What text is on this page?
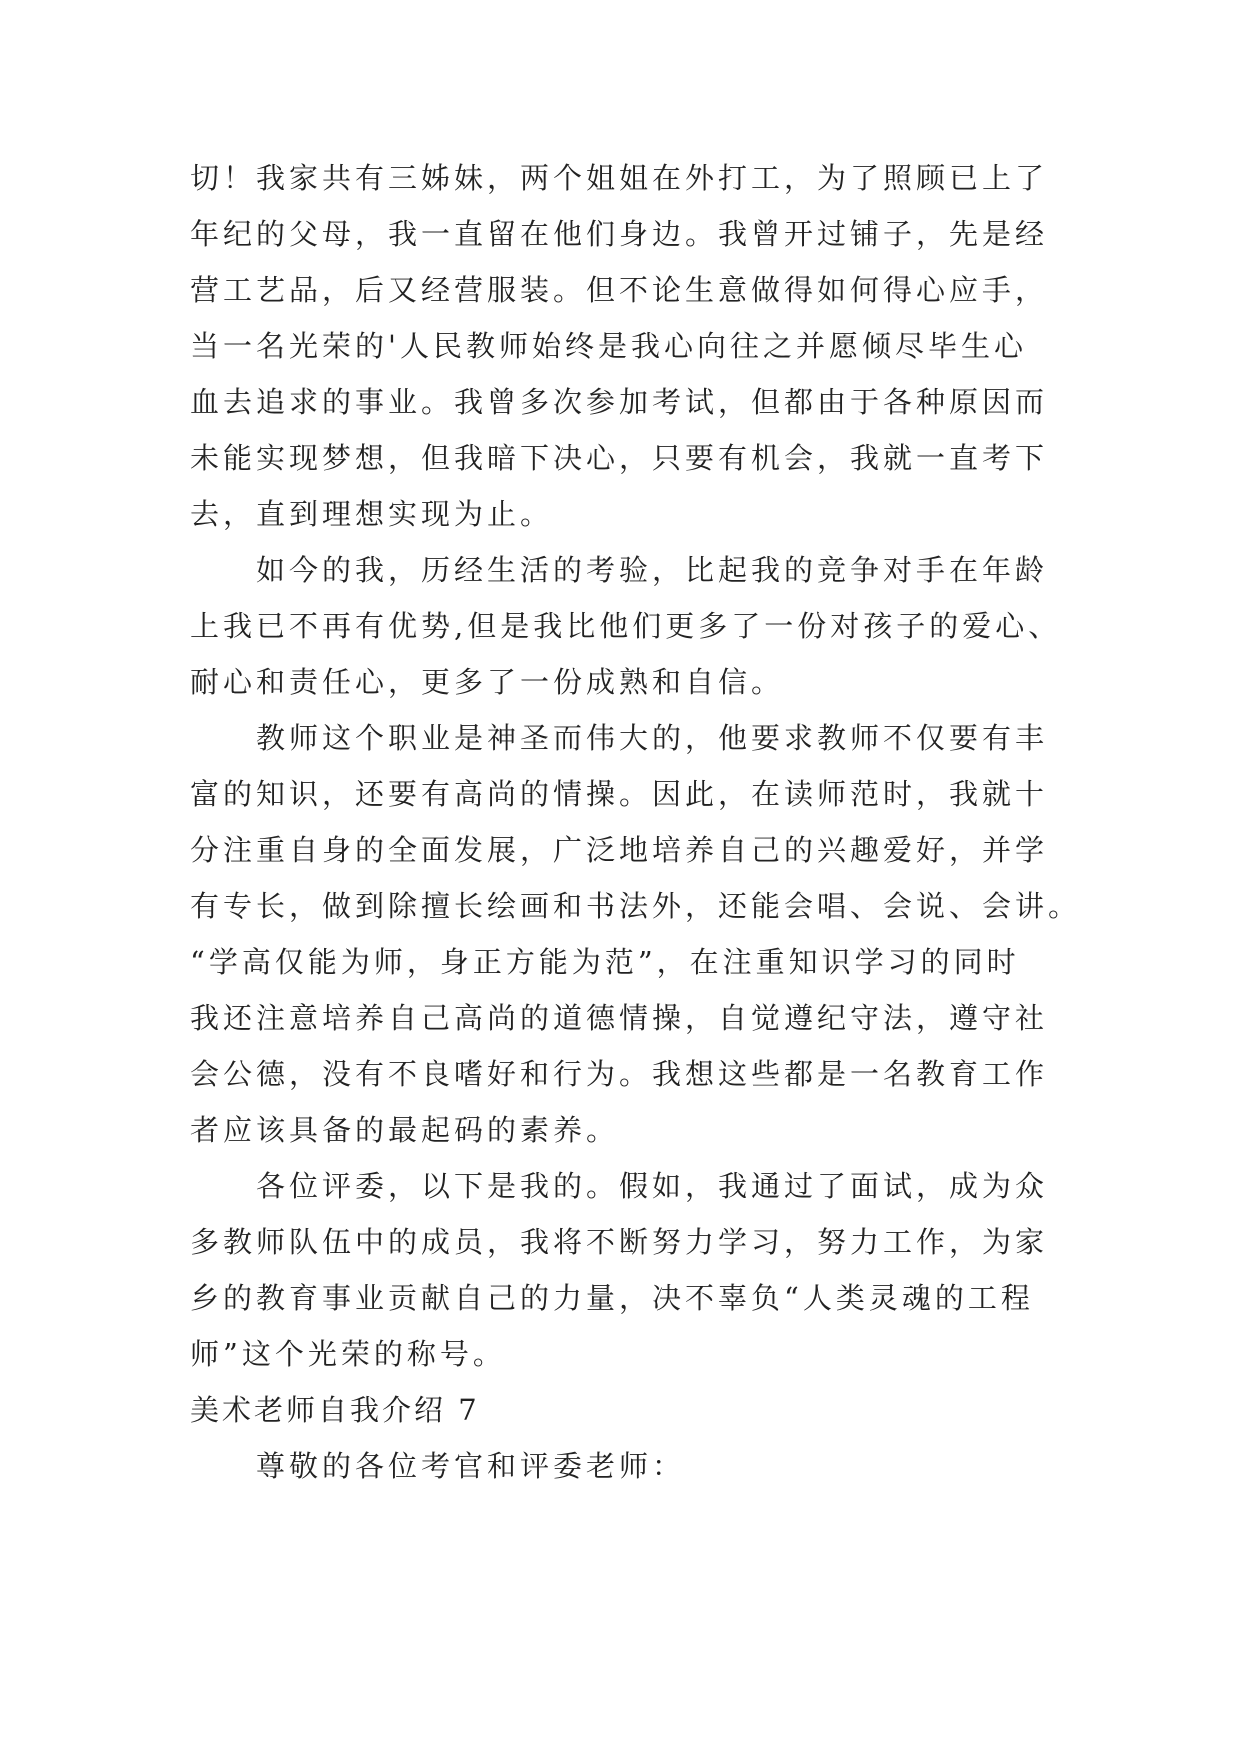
切！我家共有三姊妹，两个姐姐在外打工，为了照顾已上了
年纪的父母，我一直留在他们身边。我曾开过铺子，先是经
营工艺品，后又经营服装。但不论生意做得如何得心应手，
当一名光荣的'人民教师始终是我心向往之并愿倾尽毕生心
血去追求的事业。我曾多次参加考试，但都由于各种原因而
未能实现梦想，但我暗下决心，只要有机会，我就一直考下
去，直到理想实现为止。
如今的我，历经生活的考验，比起我的竞争对手在年龄
上我已不再有优势,但是我比他们更多了一份对孩子的爱心、
耐心和责任心，更多了一份成熟和自信。
教师这个职业是神圣而伟大的，他要求教师不仅要有丰
富的知识，还要有高尚的情操。因此，在读师范时，我就十
分注重自身的全面发展，广泛地培养自己的兴趣爱好，并学
有专长，做到除擅长绘画和书法外，还能会唱、会说、会讲。
“学高仅能为师，身正方能为范”，在注重知识学习的同时
我还注意培养自己高尚的道德情操，自觉遵纪守法，遵守社
会公德，没有不良嗜好和行为。我想这些都是一名教育工作
者应该具备的最起码的素养。
各位评委，以下是我的。假如，我通过了面试，成为众
多教师队伍中的成员，我将不断努力学习，努力工作，为家
乡的教育事业贡献自己的力量，决不辜负“人类灵魂的工程
师”这个光荣的称号。
美术老师自我介绍 7
尊敬的各位考官和评委老师：
